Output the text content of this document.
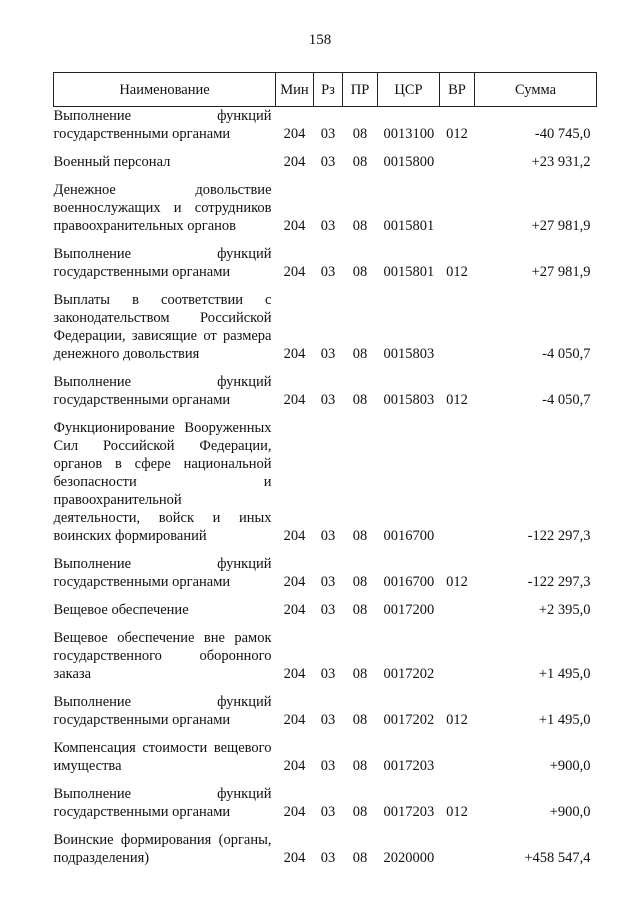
158
Наименование	Мин	Рз	ПР	ЦСР	ВР	Сумма
Выполнение функций государственными органами	204	03	08	0013100	012	-40 745,0
Военный персонал	204	03	08	0015800		+23 931,2
Денежное довольствие военнослужащих и сотрудников правоохранительных органов	204	03	08	0015801		+27 981,9
Выполнение функций государственными органами	204	03	08	0015801	012	+27 981,9
Выплаты в соответствии с законодательством Российской Федерации, зависящие от размера денежного довольствия	204	03	08	0015803		-4 050,7
Выполнение функций государственными органами	204	03	08	0015803	012	-4 050,7
Функционирование Вооруженных Сил Российской Федерации, органов в сфере национальной безопасности и правоохранительной деятельности, войск и иных воинских формирований	204	03	08	0016700		-122 297,3
Выполнение функций государственными органами	204	03	08	0016700	012	-122 297,3
Вещевое обеспечение	204	03	08	0017200		+2 395,0
Вещевое обеспечение вне рамок государственного оборонного заказа	204	03	08	0017202		+1 495,0
Выполнение функций государственными органами	204	03	08	0017202	012	+1 495,0
Компенсация стоимости вещевого имущества	204	03	08	0017203		+900,0
Выполнение функций государственными органами	204	03	08	0017203	012	+900,0
Воинские формирования (органы, подразделения)	204	03	08	2020000		+458 547,4
